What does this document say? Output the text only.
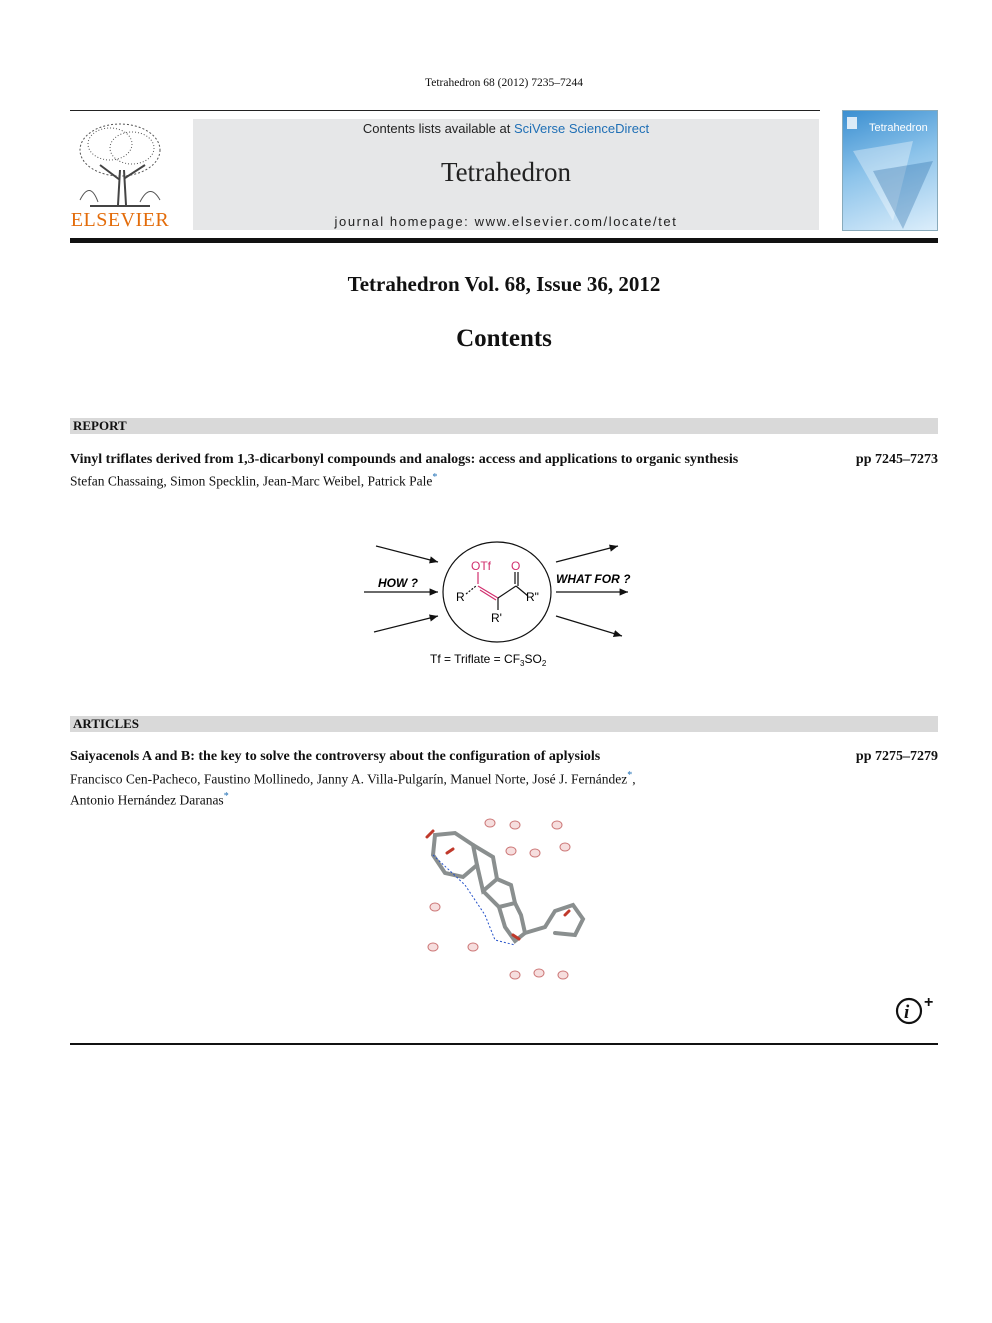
Tetrahedron 68 (2012) 7235–7244
ELSEVIER
Contents lists available at SciVerse ScienceDirect
Tetrahedron
journal homepage: www.elsevier.com/locate/tet
Tetrahedron
Tetrahedron Vol. 68, Issue 36, 2012
Contents
REPORT
Vinyl triflates derived from 1,3-dicarbonyl compounds and analogs: access and applications to organic synthesis	pp 7245–7273
Stefan Chassaing, Simon Specklin, Jean-Marc Weibel, Patrick Pale*
HOW ?	WHAT FOR ?
OTf O
R	R"
R'
Tf = Triflate = $CF_3SO_2$
ARTICLES
Saiyacenols A and B: the key to solve the controversy about the configuration of aplysiols	pp 7275–7279
Francisco Cen-Pacheco, Faustino Mollinedo, Janny A. Villa-Pulgarín, Manuel Norte, José J. Fernández*,
Antonio Hernández Daranas*
i +
